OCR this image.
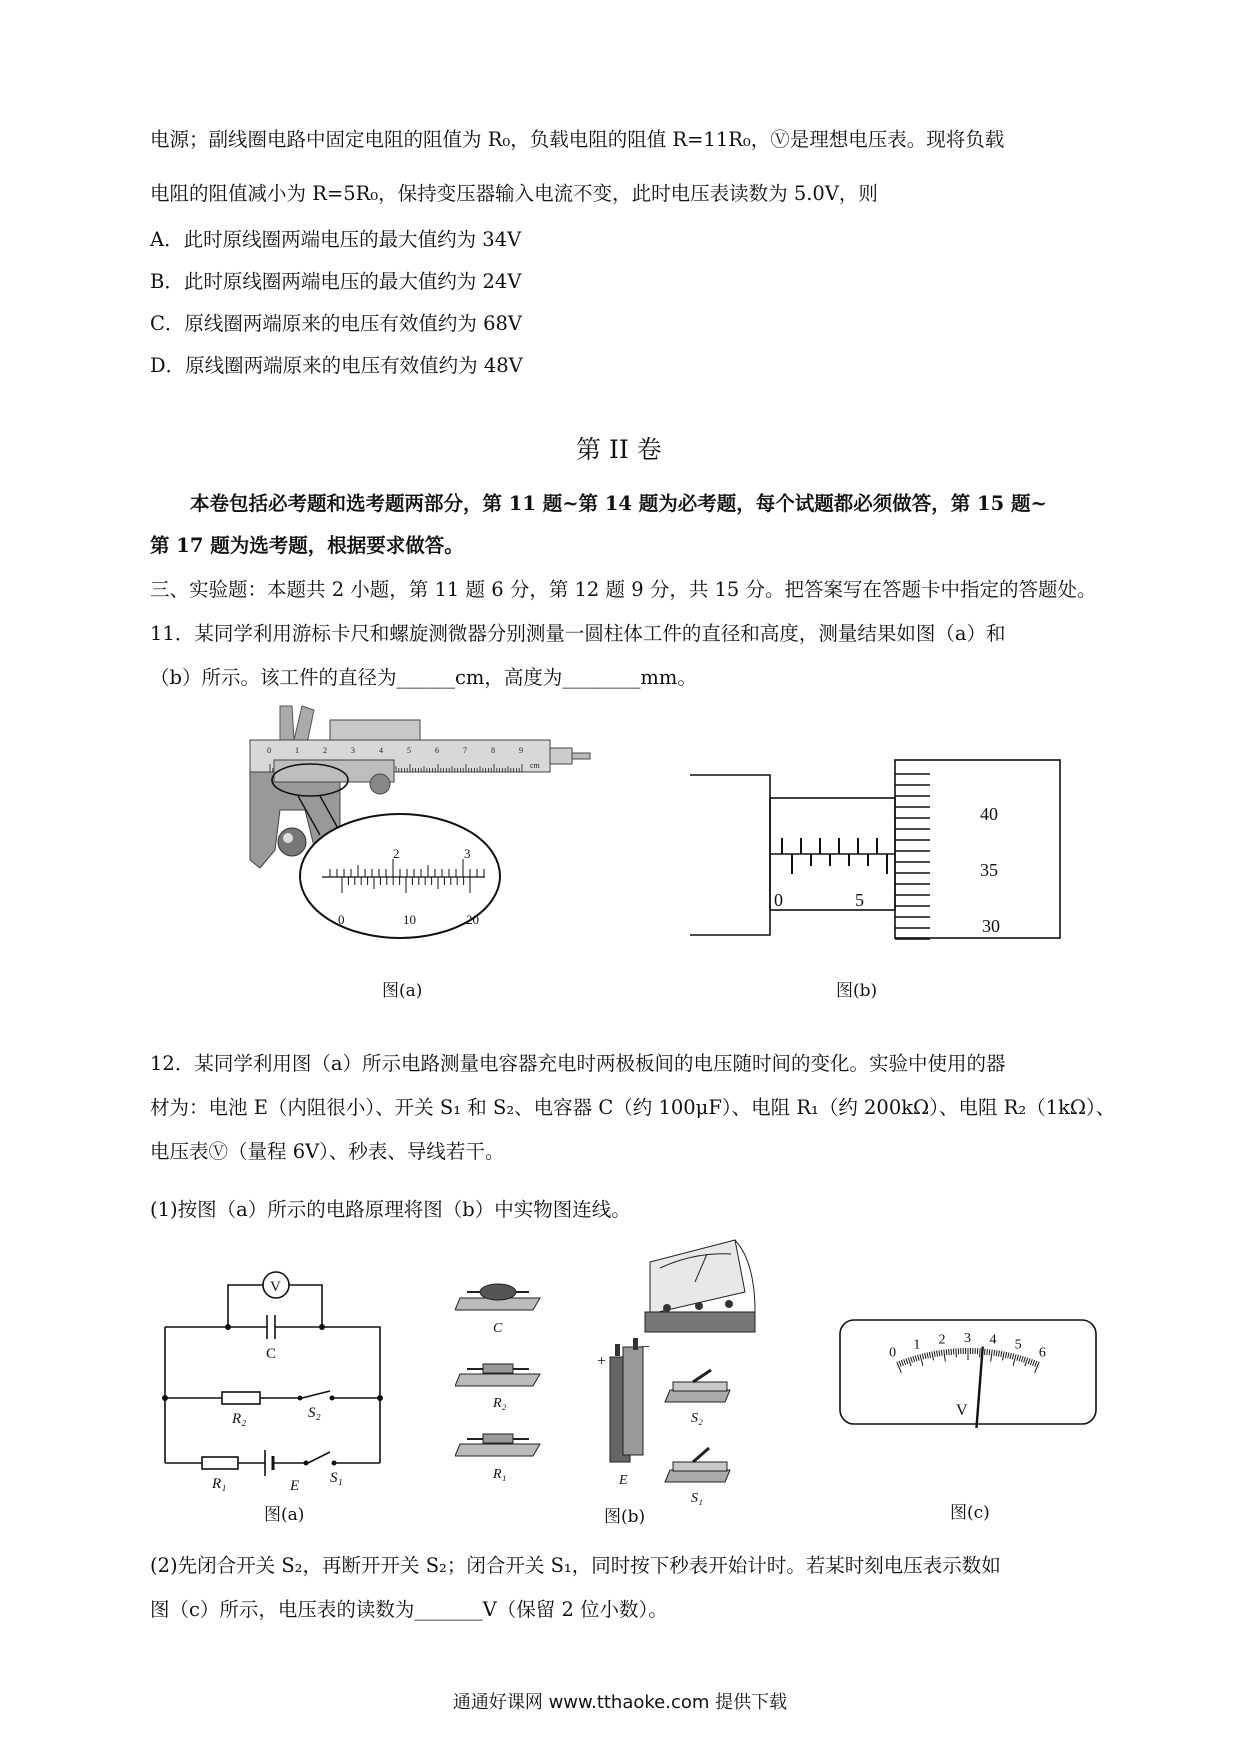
电源；副线圈电路中固定电阻的阻值为 R₀，负载电阻的阻值 R=11R₀，Ⓥ是理想电压表。现将负载
电阻的阻值减小为 R=5R₀，保持变压器输入电流不变，此时电压表读数为 5.0V，则
A．此时原线圈两端电压的最大值约为 34V
B．此时原线圈两端电压的最大值约为 24V
C．原线圈两端原来的电压有效值约为 68V
D．原线圈两端原来的电压有效值约为 48V
第 II 卷
本卷包括必考题和选考题两部分，第 11 题~第 14 题为必考题，每个试题都必须做答，第 15 题~
第 17 题为选考题，根据要求做答。
三、实验题：本题共 2 小题，第 11 题 6 分，第 12 题 9 分，共 15 分。把答案写在答题卡中指定的答题处。
11．某同学利用游标卡尺和螺旋测微器分别测量一圆柱体工件的直径和高度，测量结果如图（a）和
（b）所示。该工件的直径为______cm，高度为________mm。
0	1	2	3	4	5	6	7	8	9
cm
2	3
0	10	20
图(a)
0	5
40
35
30
图(b)
12．某同学利用图（a）所示电路测量电容器充电时两极板间的电压随时间的变化。实验中使用的器
材为：电池 E（内阻很小）、开关 S₁ 和 S₂、电容器 C（约 100μF）、电阻 R₁（约 200kΩ）、电阻 R₂（1kΩ）、
电压表Ⓥ（量程 6V）、秒表、导线若干。
(1)按图（a）所示的电路原理将图（b）中实物图连线。
V
C
R₂	S₂
R₁	E S₁
图(a)
+
−
C
R₂
R₁	E
S₂
S₁
图(b)
0
1 2 3 4 5
6
V
图(c)
(2)先闭合开关 S₂，再断开开关 S₂；闭合开关 S₁，同时按下秒表开始计时。若某时刻电压表示数如
图（c）所示，电压表的读数为_______V（保留 2 位小数）。
通通好课网 www.tthaoke.com 提供下载
